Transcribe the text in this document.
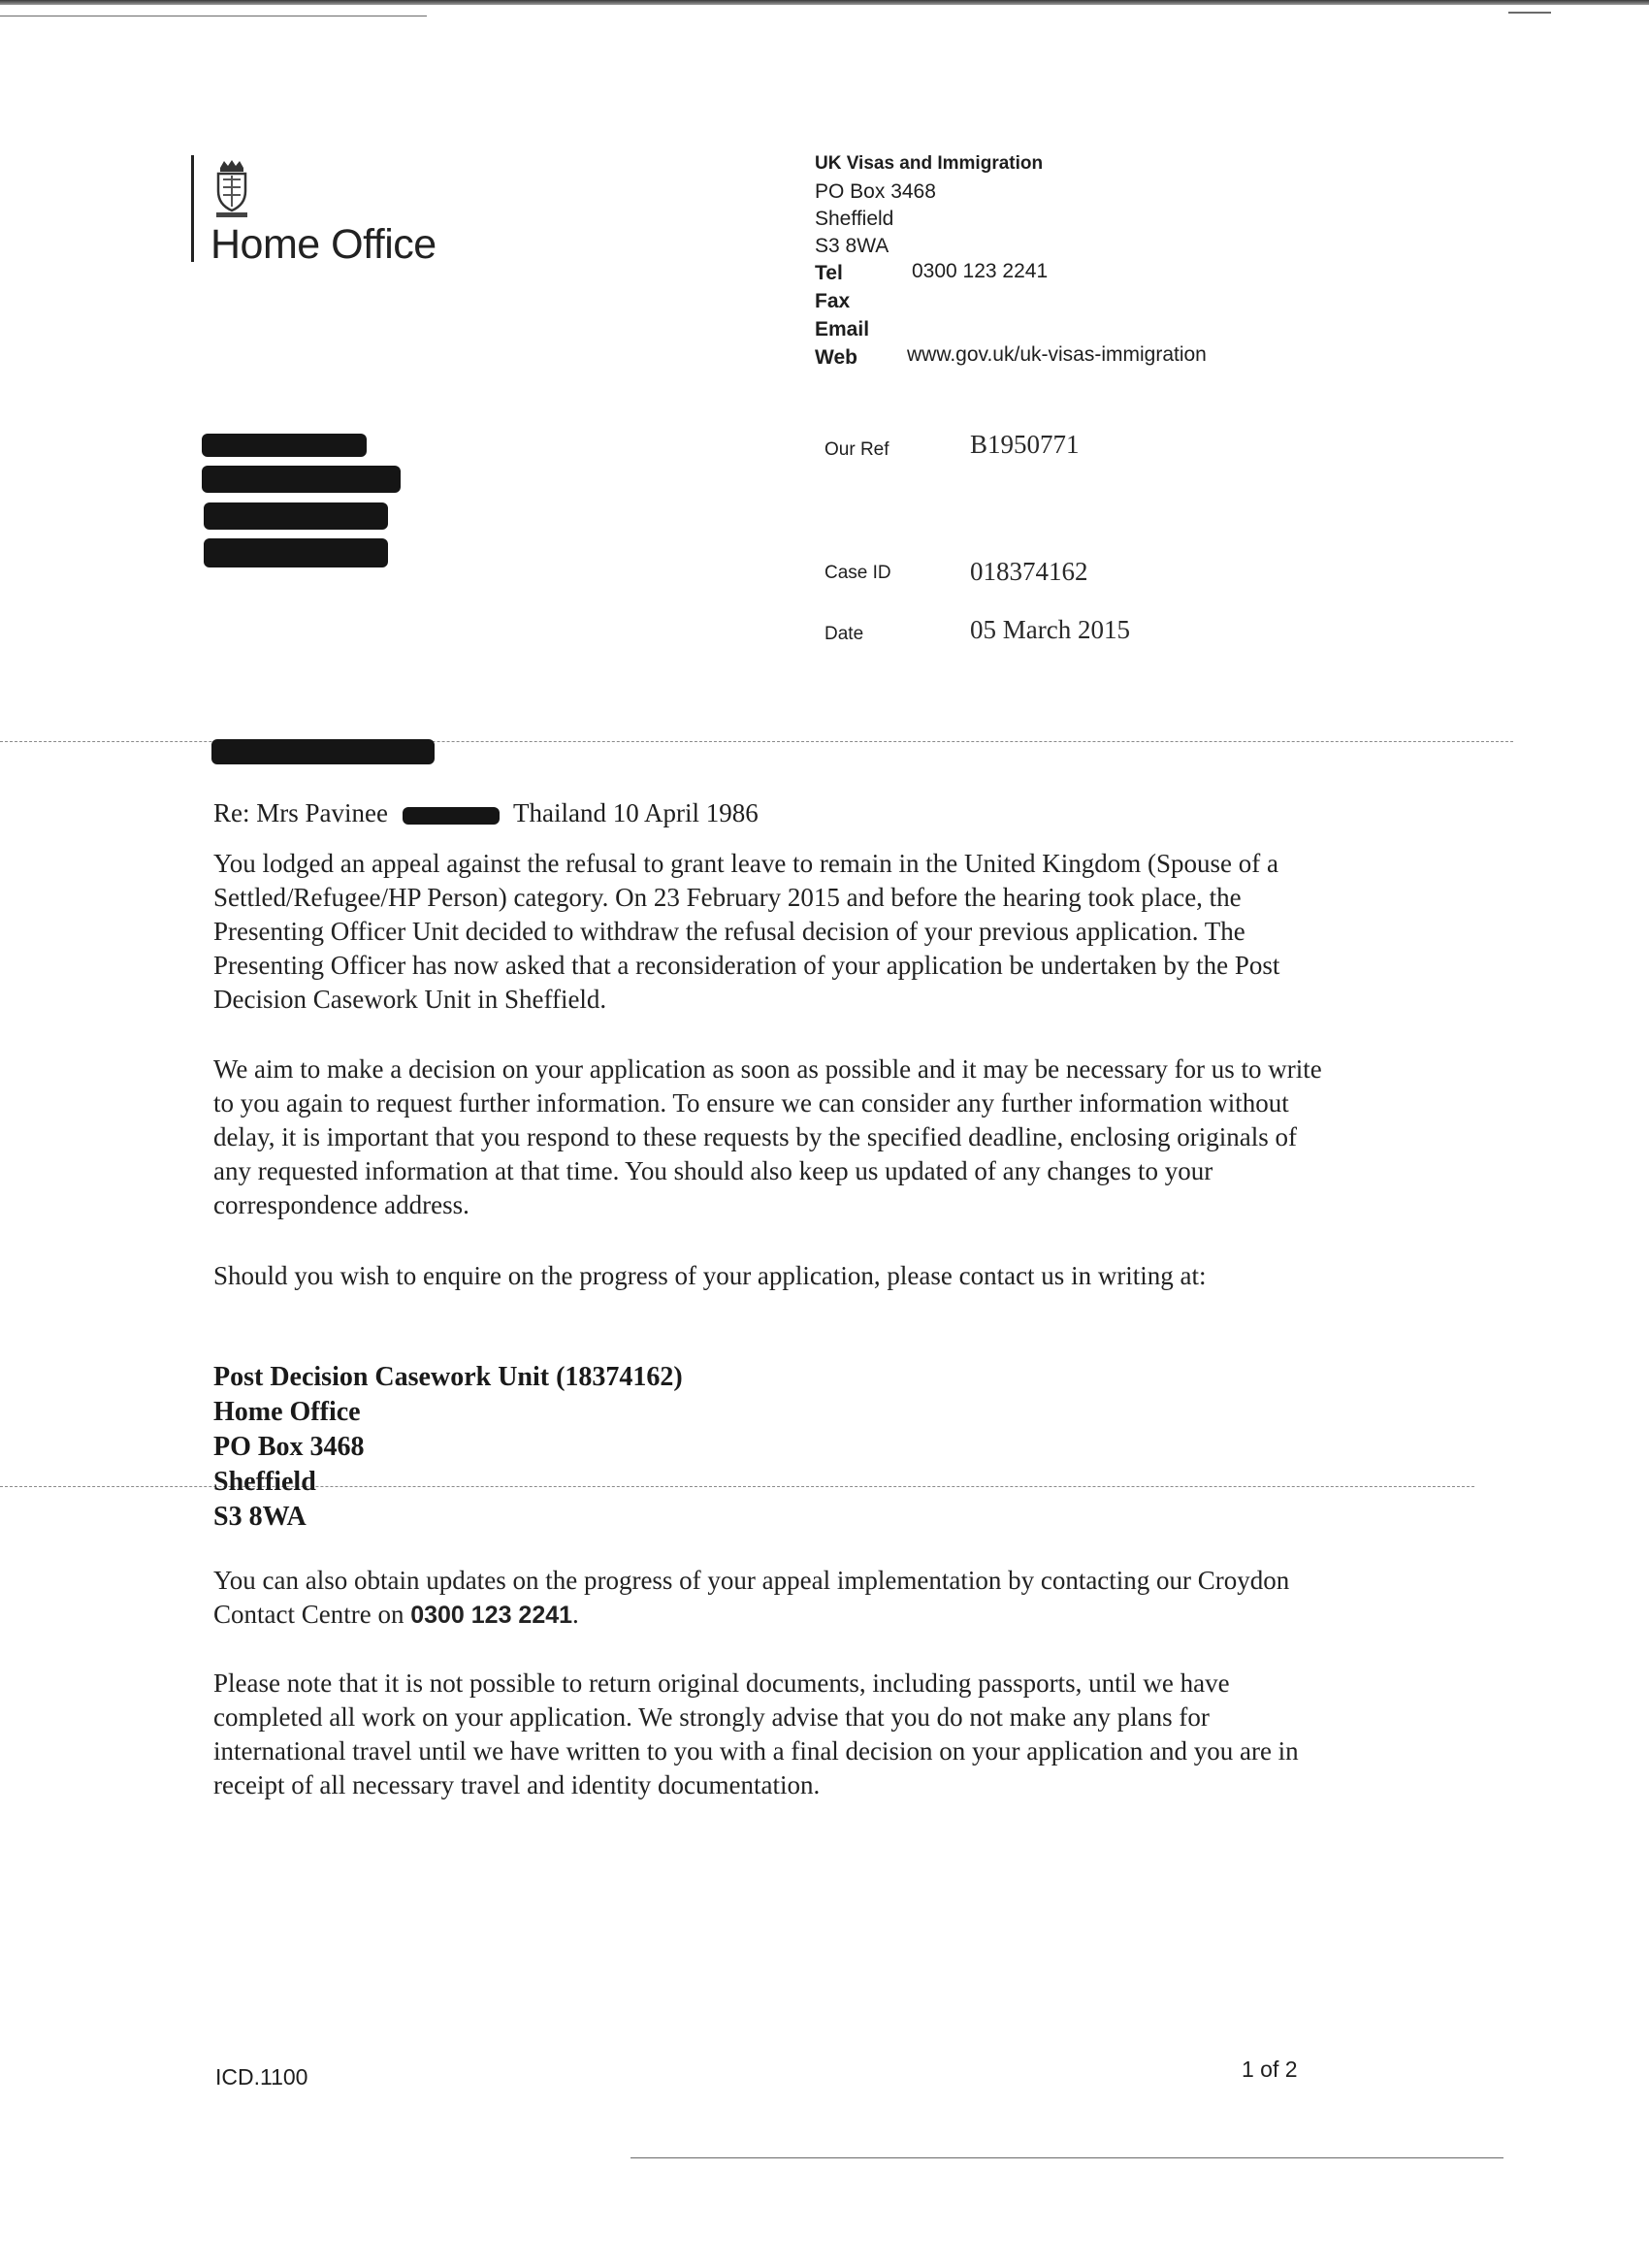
Home Office
UK Visas and Immigration
PO Box 3468
Sheffield
S3 8WA
Tel	0300 123 2241
Fax
Email
Web www.gov.uk/uk-visas-immigration
Our Ref	B1950771
Case ID	018374162
Date	05 March 2015
Re: Mrs Pavinee	Thailand 10 April 1986
You lodged an appeal against the refusal to grant leave to remain in the United Kingdom (Spouse of a Settled/Refugee/HP Person) category. On 23 February 2015 and before the hearing took place, the Presenting Officer Unit decided to withdraw the refusal decision of your previous application. The Presenting Officer has now asked that a reconsideration of your application be undertaken by the Post Decision Casework Unit in Sheffield.
We aim to make a decision on your application as soon as possible and it may be necessary for us to write to you again to request further information. To ensure we can consider any further information without delay, it is important that you respond to these requests by the specified deadline, enclosing originals of any requested information at that time. You should also keep us updated of any changes to your correspondence address.
Should you wish to enquire on the progress of your application, please contact us in writing at:
Post Decision Casework Unit (18374162)
Home Office
PO Box 3468
Sheffield
S3 8WA
You can also obtain updates on the progress of your appeal implementation by contacting our Croydon Contact Centre on 0300 123 2241.
Please note that it is not possible to return original documents, including passports, until we have completed all work on your application. We strongly advise that you do not make any plans for international travel until we have written to you with a final decision on your application and you are in receipt of all necessary travel and identity documentation.
ICD.1100	1 of 2
